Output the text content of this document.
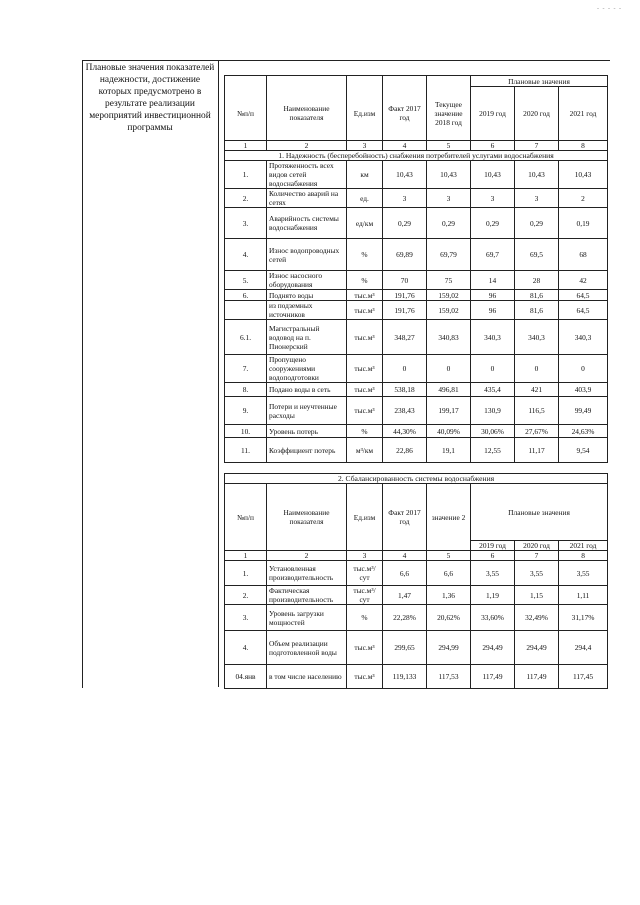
- - - - -
Плановые значения показателей надежности, достижение которых предусмотрено в результате реализации мероприятий инвестиционной программы
					Плановые значения		
№п/п	Наименование показателя	Ед.изм	Факт 2017 год	Текущее значение 2018 год	2019 год	2020 год	2021 год
1	2	3	4	5	6	7	8
1. Надежность (бесперебойность) снабжения потребителей услугами водоснабжения							
1.	Протяженность всех видов сетей водоснабжения	км	10,43	10,43	10,43	10,43	10,43
2.	Количество аварий на сетях	ед.	3	3	3	3	2
3.	Аварийность системы водоснабжения	ед/км	0,29	0,29	0,29	0,29	0,19
4.	Износ водопроводных сетей	%	69,89	69,79	69,7	69,5	68
5.	Износ насосного оборудования	%	70	75	14	28	42
6.	Поднято воды	тыс.м³	191,76	159,02	96	81,6	64,5
	из подземных источников	тыс.м³	191,76	159,02	96	81,6	64,5
6.1.	Магистральный водовод на п. Пионерский	тыс.м³	348,27	340,83	340,3	340,3	340,3
7.	Пропущено сооружениями водоподготовки	тыс.м³	0	0	0	0	0
8.	Подано воды в сеть	тыс.м³	538,18	496,81	435,4	421	403,9
9.	Потери и неучтенные расходы	тыс.м³	238,43	199,17	130,9	116,5	99,49
10.	Уровень потерь	%	44,30%	40,09%	30,06%	27,67%	24,63%
11.	Коэффициент потерь	м³/км	22,86	19,1	12,55	11,17	9,54
2. Сбалансированность системы водоснабжения							
№п/п	Наименование показателя	Ед.изм	Факт 2017 год	значение 2	Плановые значения		
					2019 год	2020 год	2021 год
1	2	3	4	5	6	7	8
1.	Установленная производительность	тыс.м³/сут	6,6	6,6	3,55	3,55	3,55
2.	Фактическая производительность	тыс.м³/сут	1,47	1,36	1,19	1,15	1,11
3.	Уровень загрузки мощностей	%	22,28%	20,62%	33,60%	32,49%	31,17%
4.	Объем реализации подготовленной воды	тыс.м³	299,65	294,99	294,49	294,49	294,4
04.янв	в том числе населению	тыс.м³	119,133	117,53	117,49	117,49	117,45
